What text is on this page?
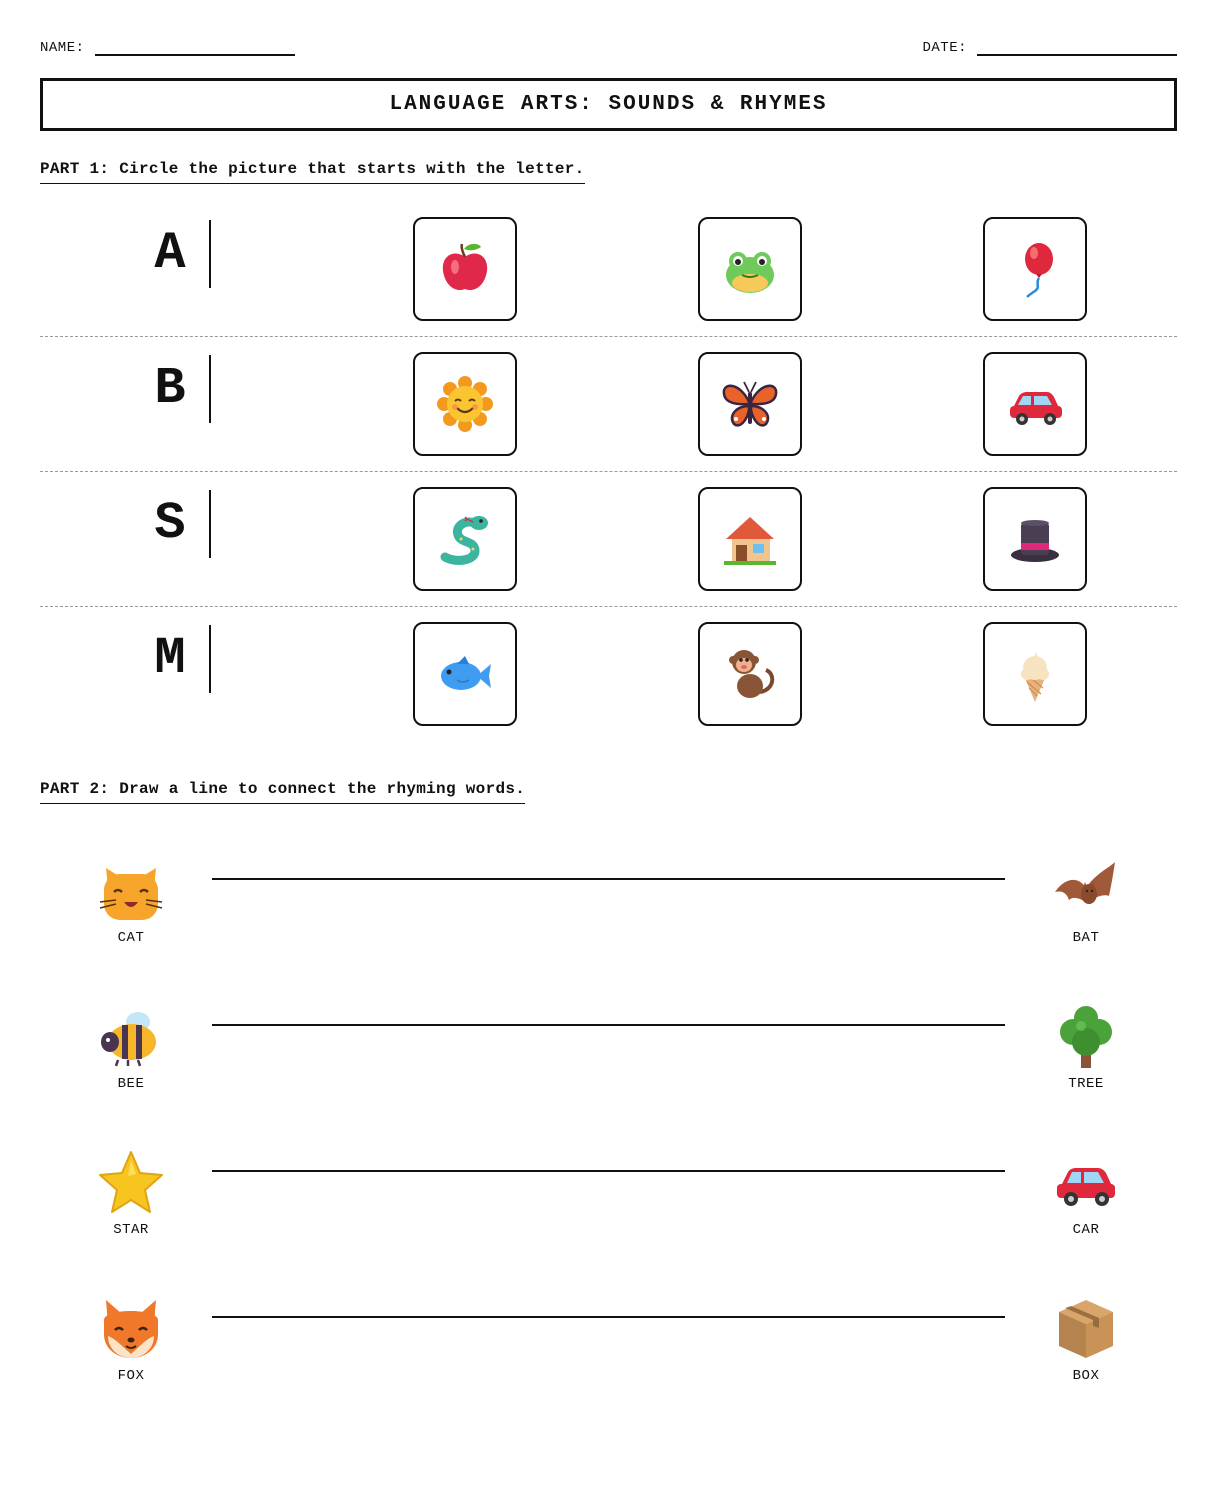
NAME:	DATE:
LANGUAGE ARTS: SOUNDS & RHYMES
PART 1: Circle the picture that starts with the letter.
A
B
S
M
PART 2: Draw a line to connect the rhyming words.
CAT	BAT
BEE	TREE
STAR	CAR
FOX	BOX
